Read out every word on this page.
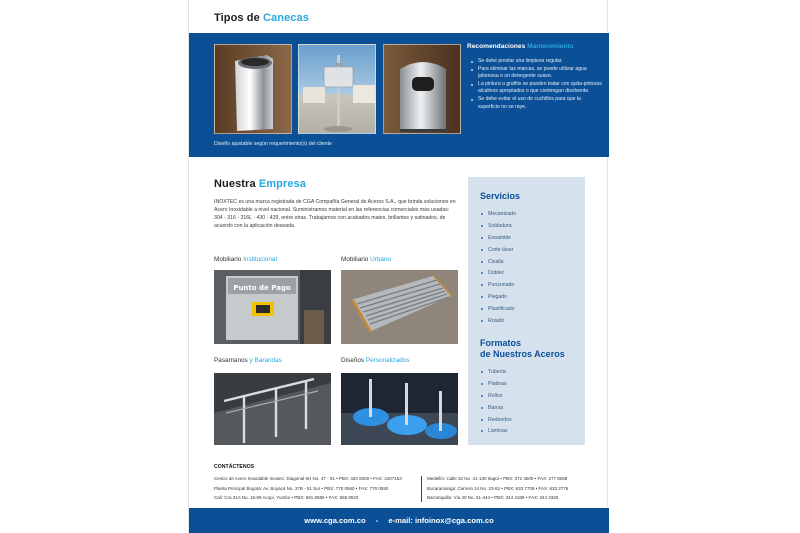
Tipos de Canecas
Diseño ajustable según requerimiento(s) del cliente
Recomendaciones Mantenimiento
Se debe prestar una limpieza regular.
Para eliminar las marcas, se puede utilizar agua jabonosa o un detergente suave.
La pintura o grafitis se pueden tratar con quita-pinturas alcalinos apropiados o que contengan disolvente.
Se debe evitar el uso de cuchillos para que la superficie no se raye.
Nuestra Empresa
INOXTEC es una marca registrada de CGA Compañía General de Aceros S.A., que brinda soluciones en Acero Inoxidable a nivel nacional. Suministramos material en las referencias comerciales más usadas: 304 - 316 - 316L - 430 - 439, entre otras. Trabajamos con acabados mates, brillantes y satinados, de acuerdo con la aplicación deseada.
Mobiliario Institucional
Punto de Pago
Mobiliario Urbano
Pasamanos y Barandas	Diseños Personalizados
Servicios
Mecanizado
Soldadura
Ensamble
Corte láser
Cizalla
Doblez
Punzonado
Plegado
Plastificado
Rolado
Formatos
de Nuestros Aceros
Tubería
Platinas
Rollos
Barras
Redondos
Láminas
CONTÁCTENOS
Centro de Acero Inoxidable Inoxtec: Diagonal 5H No. 47 - 01 • PBX: 420 6000 • FAX: 4207153
Planta Principal Bogotá: Av. Boyacá No. 37B - 51 Sur • PBX: 770 0560 • FAX: 770 0550
Cali: Cra 31A No. 15-59 Acopi, Yumbo • PBX: 691 8585 • FAX: 665 8533
Medellín: Calle 32 No. 41-130 Itagüí • PBX: 372 4500 • FAX: 277 8088
Bucaramanga: Carrera 14 No. 23-62 • PBX: 633 7708 • FAX: 633 2776
Barranquilla: Vía 40 No. 51-444 • PBX: 344 4188 • FAX: 344 3326
www.cga.com.co - e-mail: infoinox@cga.com.co
